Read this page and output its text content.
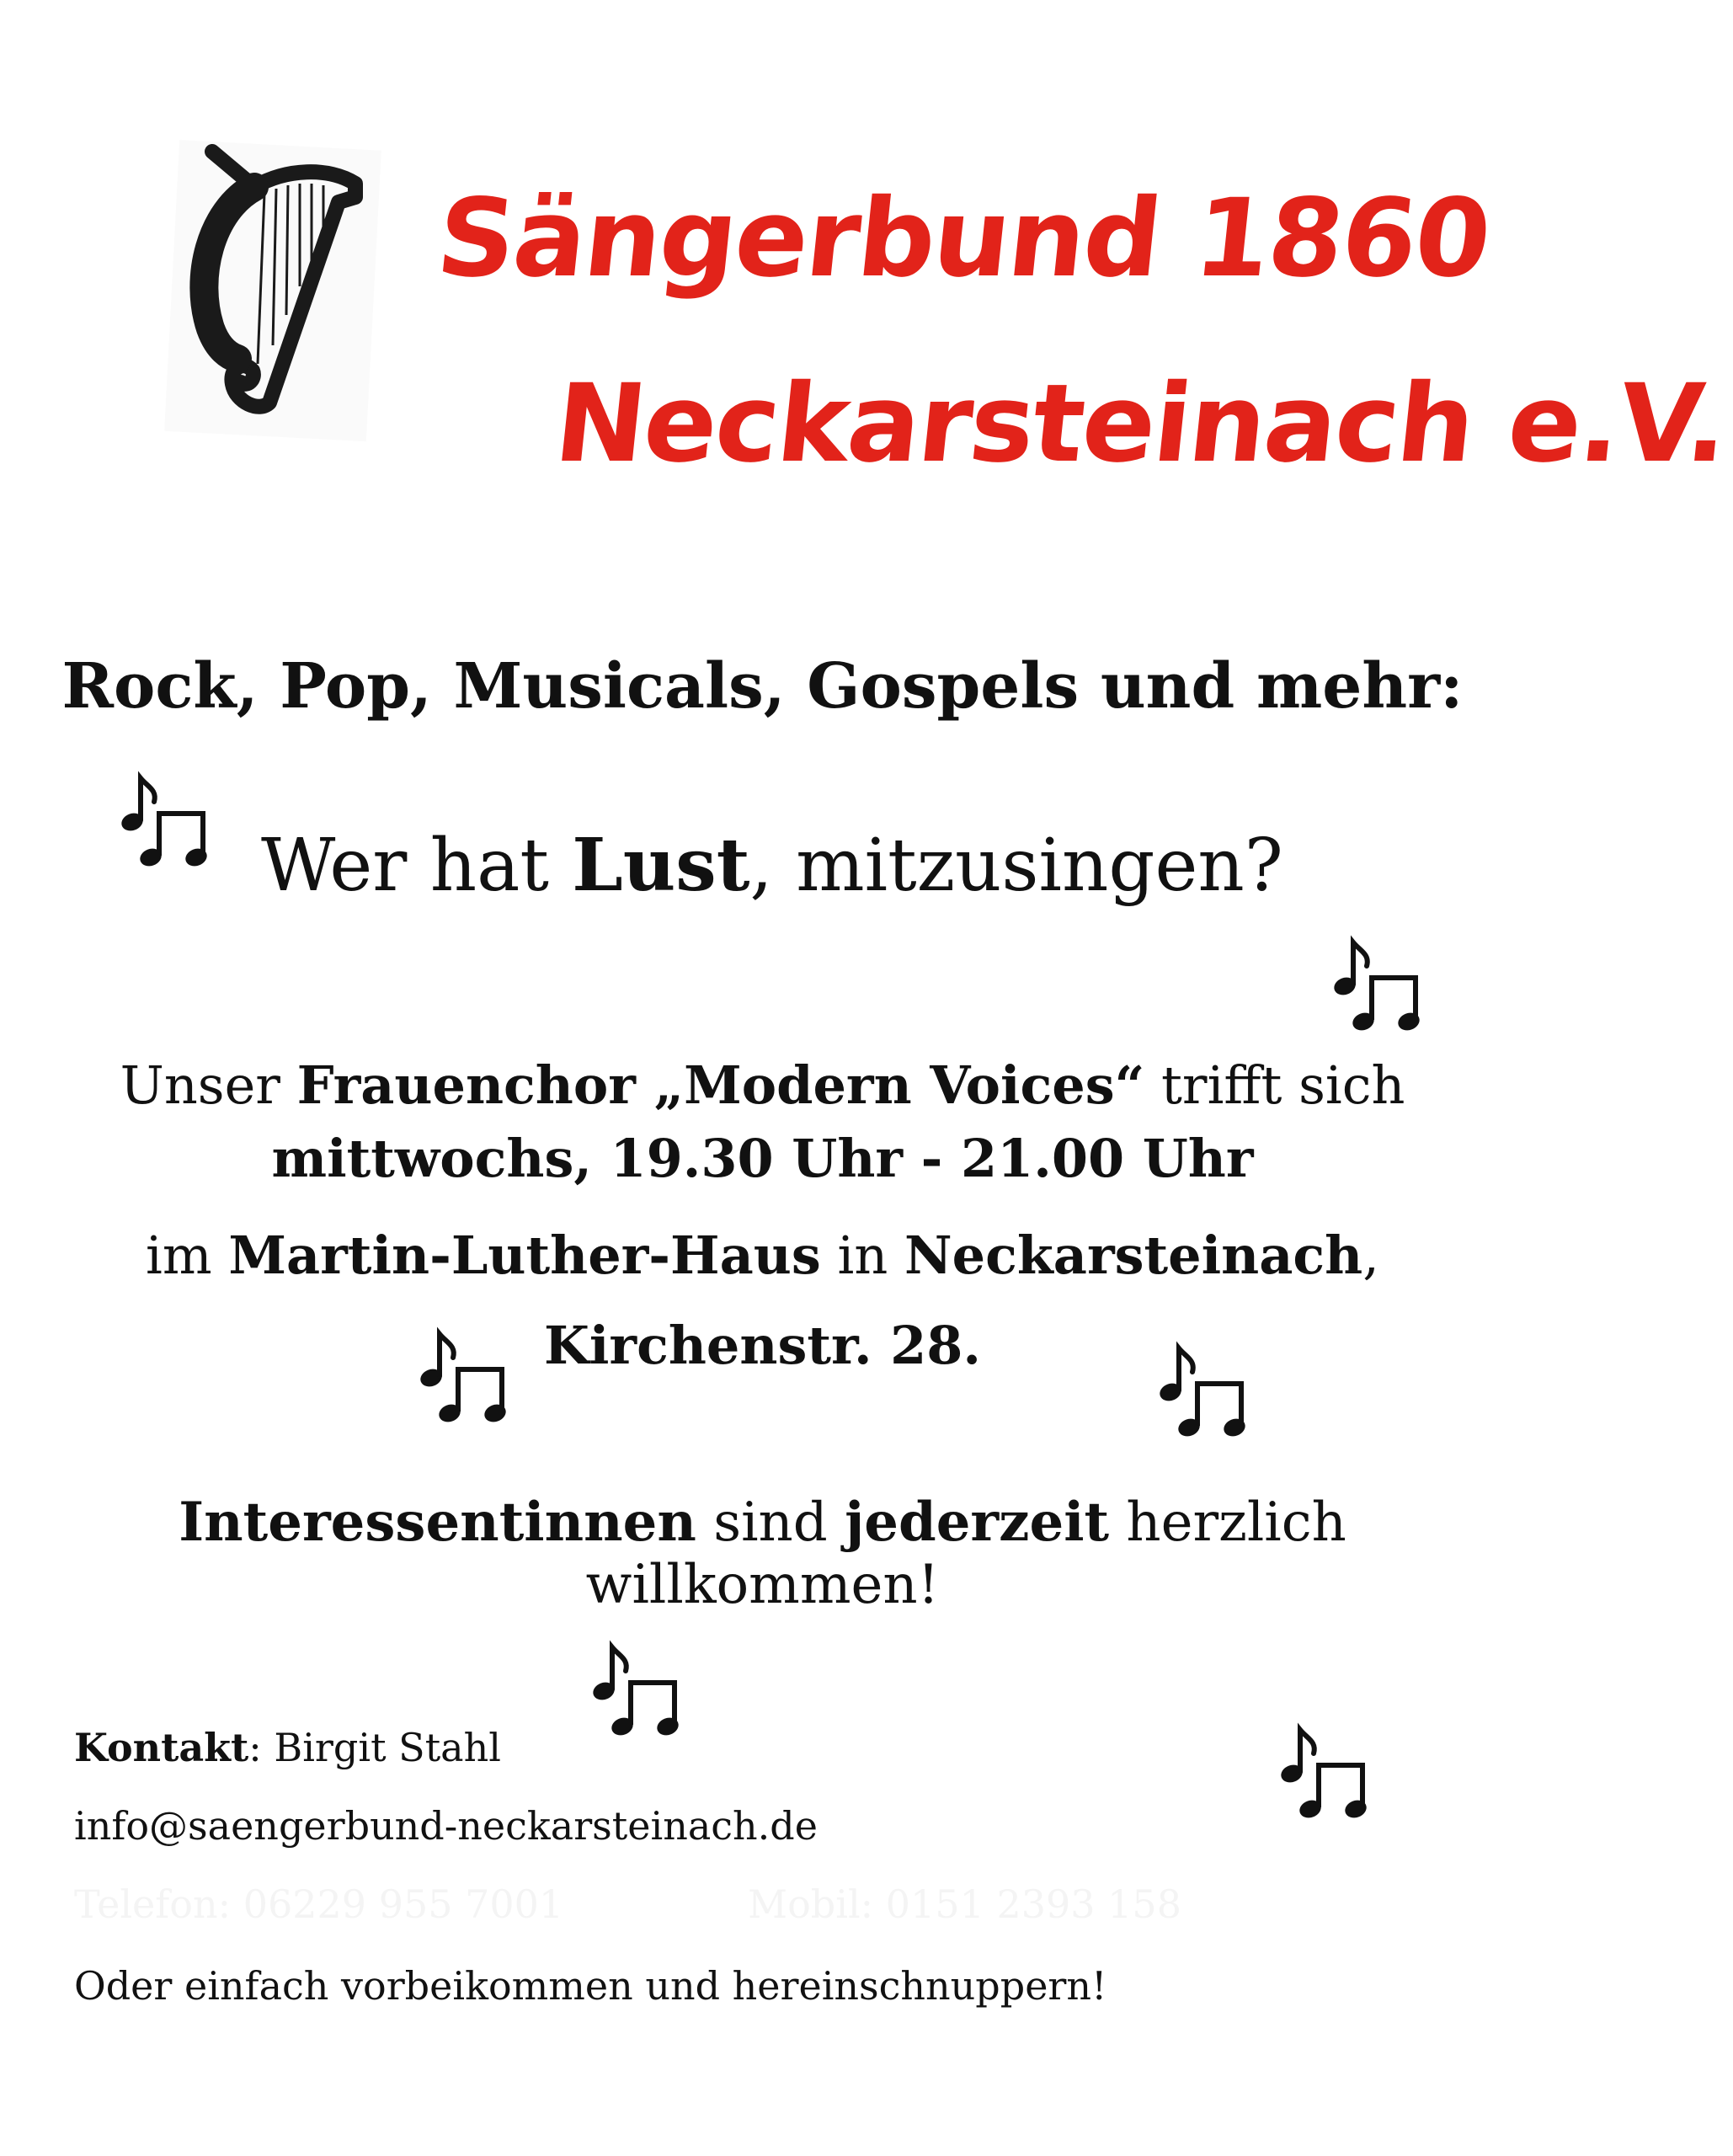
Sängerbund 1860
Neckarsteinach e.V.
Rock, Pop, Musicals, Gospels und mehr:
Wer hat Lust, mitzusingen?
Unser Frauenchor „Modern Voices“ trifft sich
mittwochs, 19.30 Uhr - 21.00 Uhr
im Martin-Luther-Haus in Neckarsteinach,
Kirchenstr. 28.
Interessentinnen sind jederzeit herzlich willkommen!
Kontakt: Birgit Stahl
info@saengerbund-neckarsteinach.de
Telefon: 06229 955 7001	Mobil: 0151 2393 158
Oder einfach vorbeikommen und hereinschnuppern!
